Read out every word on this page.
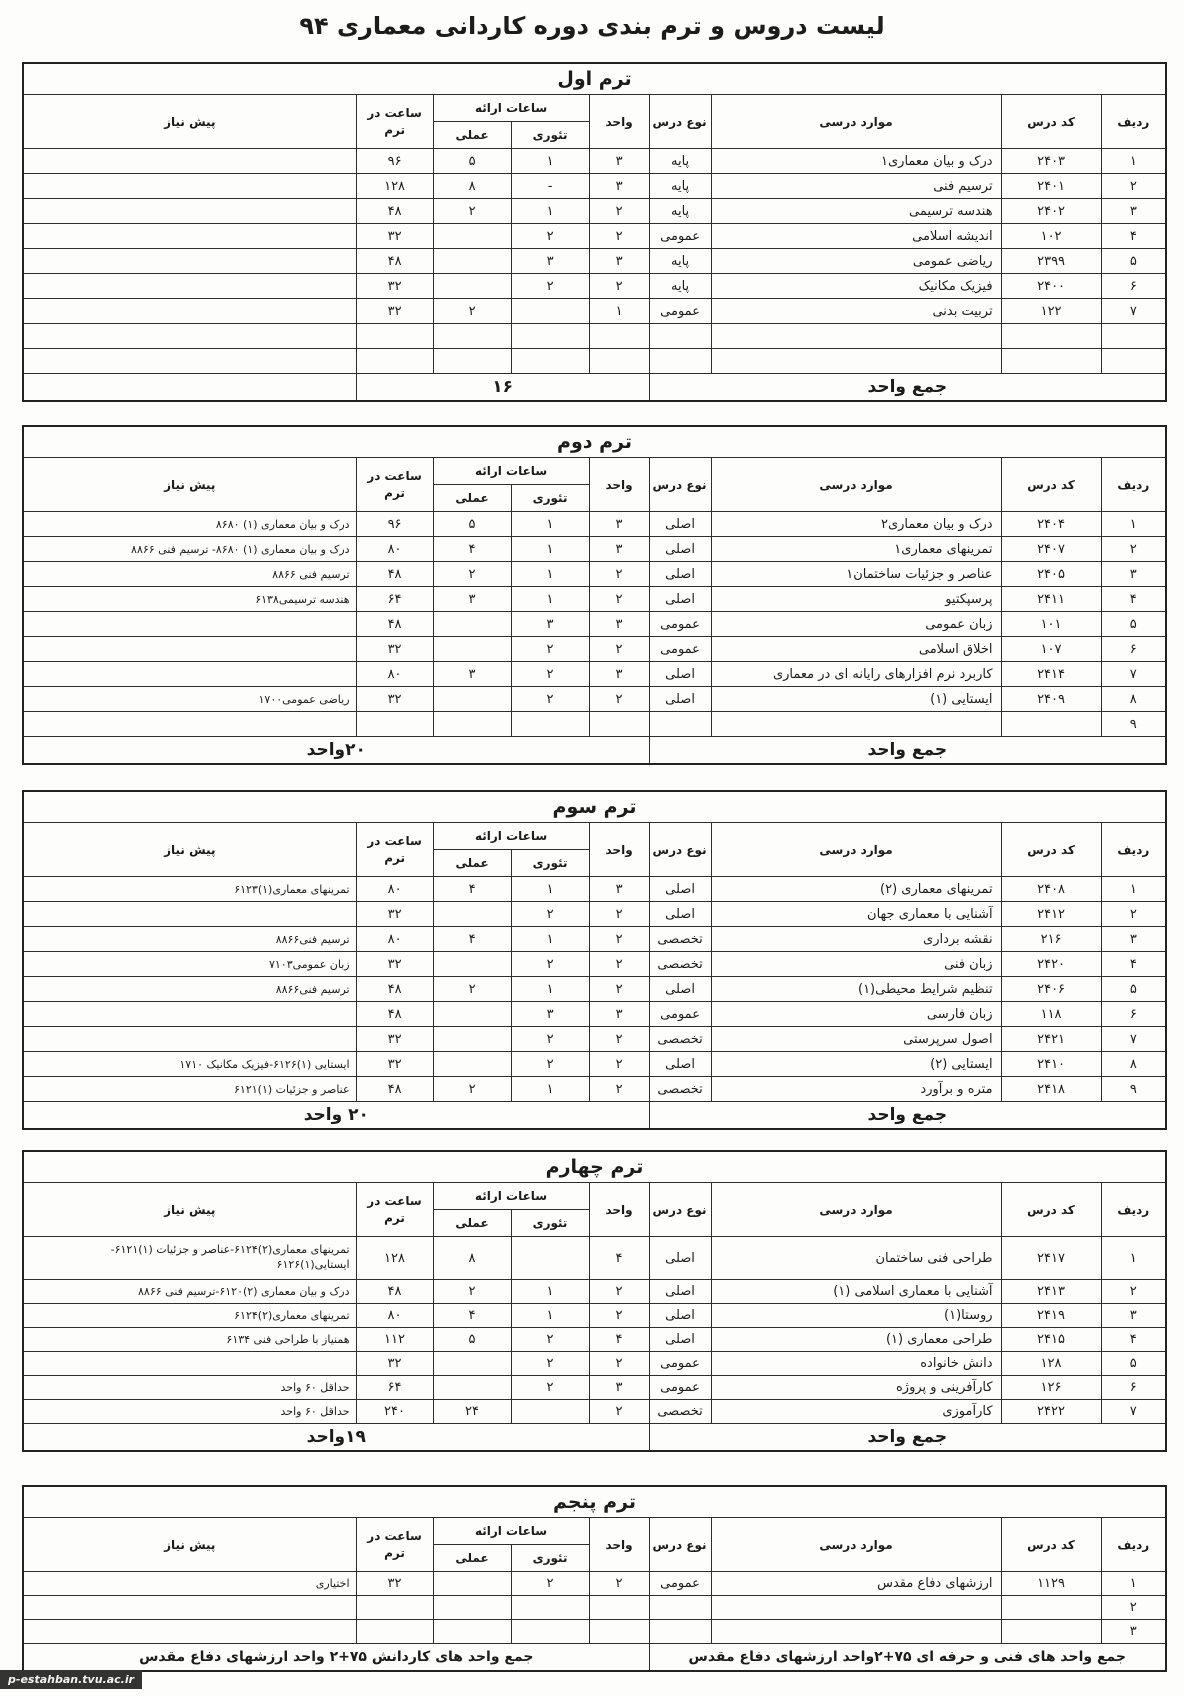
لیست دروس و ترم بندی دوره کاردانی معماری ۹۴
ترم اول								
ردیف	کد درس	موارد درسی	نوع درس	واحد	ساعات ارائه		ساعت در ترم	پیش نیاز
					تئوری	عملی		
۱	۲۴۰۳	درک و بیان معماری۱	پایه	۳	۱	۵	۹۶	
۲	۲۴۰۱	ترسیم فنی	پایه	۳	-	۸	۱۲۸	
۳	۲۴۰۲	هندسه ترسیمی	پایه	۲	۱	۲	۴۸	
۴	۱۰۲	اندیشه اسلامی	عمومی	۲	۲		۳۲	
۵	۲۳۹۹	ریاضی عمومی	پایه	۳	۳		۴۸	
۶	۲۴۰۰	فیزیک مکانیک	پایه	۲	۲		۳۲	
۷	۱۲۲	تربیت بدنی	عمومی	۱		۲	۳۲	

جمع واحد				۱۶				
ترم دوم								
ردیف	کد درس	موارد درسی	نوع درس	واحد	ساعات ارائه		ساعت در ترم	پیش نیاز
					تئوری	عملی		
۱	۲۴۰۴	درک و بیان معماری۲	اصلی	۳	۱	۵	۹۶	درک و بیان معماری (۱) ۸۶۸۰
۲	۲۴۰۷	تمرینهای معماری۱	اصلی	۳	۱	۴	۸۰	درک و بیان معماری (۱) ۸۶۸۰- ترسیم فنی ۸۸۶۶
۳	۲۴۰۵	عناصر و جزئیات ساختمان۱	اصلی	۲	۱	۲	۴۸	ترسیم فنی ۸۸۶۶
۴	۲۴۱۱	پرسپکتیو	اصلی	۲	۱	۳	۶۴	هندسه ترسیمی۶۱۳۸
۵	۱۰۱	زبان عمومی	عمومی	۳	۳		۴۸	
۶	۱۰۷	اخلاق اسلامی	عمومی	۲	۲		۳۲	
۷	۲۴۱۴	کاربرد نرم افزارهای رایانه ای در معماری	اصلی	۳	۲	۳	۸۰	
۸	۲۴۰۹	ایستایی (۱)	اصلی	۲	۲		۳۲	ریاضی عمومی۱۷۰۰
۹								
جمع واحد				۲۰واحد				
ترم سوم								
ردیف	کد درس	موارد درسی	نوع درس	واحد	ساعات ارائه		ساعت در ترم	پیش نیاز
					تئوری	عملی		
۱	۲۴۰۸	تمرینهای معماری (۲)	اصلی	۳	۱	۴	۸۰	تمرینهای معماری(۱)۶۱۲۳
۲	۲۴۱۲	آشنایی با معماری جهان	اصلی	۲	۲		۳۲	
۳	۲۱۶	نقشه برداری	تخصصی	۲	۱	۴	۸۰	ترسیم فنی۸۸۶۶
۴	۲۴۲۰	زبان فنی	تخصصی	۲	۲		۳۲	زبان عمومی۷۱۰۳
۵	۲۴۰۶	تنظیم شرایط محیطی(۱)	اصلی	۲	۱	۲	۴۸	ترسیم فنی۸۸۶۶
۶	۱۱۸	زبان فارسی	عمومی	۳	۳		۴۸	
۷	۲۴۲۱	اصول سرپرستی	تخصصی	۲	۲		۳۲	
۸	۲۴۱۰	ایستایی (۲)	اصلی	۲	۲		۳۲	ایستایی (۱)۶۱۲۶-فیزیک مکانیک ۱۷۱۰
۹	۲۴۱۸	متره و برآورد	تخصصی	۲	۱	۲	۴۸	عناصر و جزئیات (۱)۶۱۲۱
جمع واحد				۲۰ واحد				
ترم چهارم								
ردیف	کد درس	موارد درسی	نوع درس	واحد	ساعات ارائه		ساعت در ترم	پیش نیاز
					تئوری	عملی		
۱	۲۴۱۷	طراحی فنی ساختمان	اصلی	۴		۸	۱۲۸	تمرینهای معماری(۲)۶۱۲۴-عناصر و جزئیات (۱)۶۱۲۱- ایستایی(۱)۶۱۲۶
۲	۲۴۱۳	آشنایی با معماری اسلامی (۱)	اصلی	۲	۱	۲	۴۸	درک و بیان معماری (۲)۶۱۲۰-ترسیم فنی ۸۸۶۶
۳	۲۴۱۹	روستا(۱)	اصلی	۲	۱	۴	۸۰	تمرینهای معماری(۲)۶۱۲۴
۴	۲۴۱۵	طراحی معماری (۱)	اصلی	۴	۲	۵	۱۱۲	همنیاز با طراحی فنی ۶۱۳۴
۵	۱۲۸	دانش خانواده	عمومی	۲	۲		۳۲	
۶	۱۲۶	کارآفرینی و پروژه	عمومی	۳	۲		۶۴	حداقل ۶۰ واحد
۷	۲۴۲۲	کارآموزی	تخصصی	۲		۲۴	۲۴۰	حداقل ۶۰ واحد
جمع واحد				۱۹واحد				
ترم پنجم								
ردیف	کد درس	موارد درسی	نوع درس	واحد	ساعات ارائه		ساعت در ترم	پیش نیاز
					تئوری	عملی		
۱	۱۱۲۹	ارزشهای دفاع مقدس	عمومی	۲	۲		۳۲	اختیاری
۲								
۳								
جمع واحد های فنی و حرفه ای ۷۵+۲واحد ارزشهای دفاع مقدس				جمع واحد های کاردانش ۷۵+۲ واحد ارزشهای دفاع مقدس				
p-estahban.tvu.ac.ir
